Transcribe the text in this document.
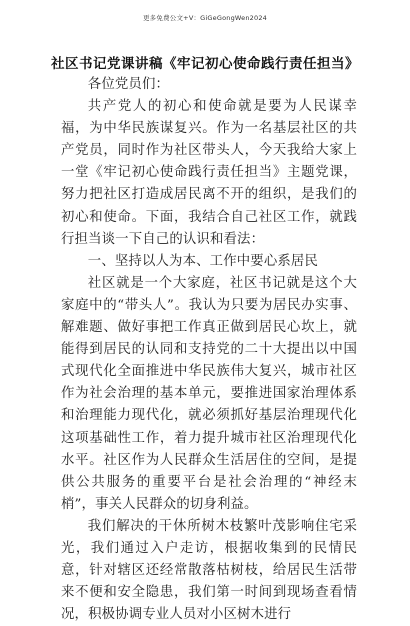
更多免费公文+V：GiGeGongWen2024
社区书记党课讲稿《牢记初心使命践行责任担当》

各位党员们：

共产党人的初心和使命就是要为人民谋幸福，为中华民族谋复兴。作为一名基层社区的共产党员，同时作为社区带头人，今天我给大家上一堂《牢记初心使命践行责任担当》主题党课，努力把社区打造成居民离不开的组织，是我们的初心和使命。下面，我结合自己社区工作，就践行担当谈一下自己的认识和看法：

一、坚持以人为本、工作中要心系居民

社区就是一个大家庭，社区书记就是这个大家庭中的“带头人”。我认为只要为居民办实事、解难题、做好事把工作真正做到居民心坎上，就能得到居民的认同和支持党的二十大提出以中国式现代化全面推进中华民族伟大复兴，城市社区作为社会治理的基本单元，要推进国家治理体系和治理能力现代化，就必须抓好基层治理现代化这项基础性工作，着力提升城市社区治理现代化水平。社区作为人民群众生活居住的空间，是提供公共服务的重要平台是社会治理的“神经末梢”，事关人民群众的切身利益。

我们解决的干休所树木枝繁叶茂影响住宅采光，我们通过入户走访，根据收集到的民情民意，针对辖区还经常散落枯树枝，给居民生活带来不便和安全隐患，我们第一时间到现场查看情况，积极协调专业人员对小区树木进行
